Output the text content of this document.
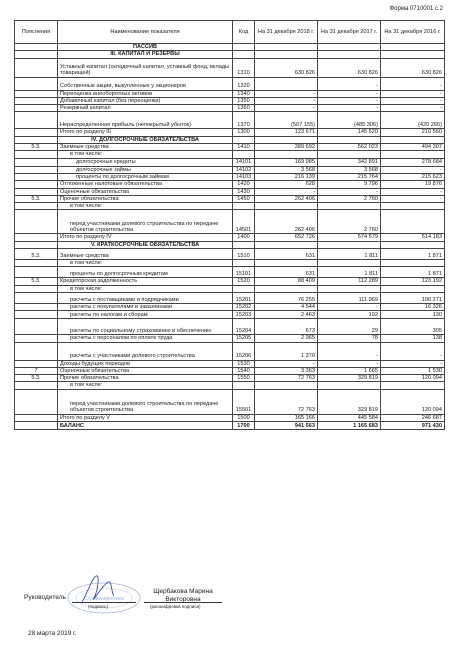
Форма 0710001 с.2
Пояснения	Наименование показателя	Код	На 31 декабря 2018 г.	На 31 декабря 2017 г.	На 31 декабря 2016 г.
	ПАССИВ				
	III. КАПИТАЛ И РЕЗЕРВЫ				
	Уставный капитал (складочный капитал, уставный фонд, вклады товарищей)	1310	630 826	630 826	630 826
	Собственные акции, выкупленные у акционеров	1320		-	-
	Переоценка внеоборотных активов	1340	-	-	-
	Добавочный капитал (без переоценки)	1350	-	-	-
	Резервный капитал	1360	-	-	-
	Нераспределенная прибыль (непокрытый убыток)	1370	(507 155)	(485 306)	(420 266)
	Итого по разделу III	1300	123 671	145 520	210 560
	IV. ДОЛГОСРОЧНЫЕ ОБЯЗАТЕЛЬСТВА				
5.3.	Заемные средства	1410	389 692	562 023	494 307
	в том числе:				
	долгосрочные кредиты	14101	169 985	342 891	278 684
	долгосрочные займы	14102	3 568	3 568	-
	проценты по долгосрочным займам	14103	216 139	215 764	215 623
	Отложенные налоговые обязательства	1420	628	9 796	19 876
	Оценочные обязательства	1430	-	-	-
5.3.	Прочие обязательства	1450	262 406	2 760	-
	в том числе:				
	перед участниками долевого строительства по передаче объектов строительства	14501	262 406	2 760	
	Итого по разделу IV	1400	652 726	574 579	514 183
	V. КРАТКОСРОЧНЫЕ ОБЯЗАТЕЛЬСТВА				
5.3.	Заемные средства	1510	631	1 811	1 871
	в том числе:				
	проценты по долгосрочным кредитам	15101	631	1 811	1 871
5.3.	Кредиторская задолженность	1520	88 409	112 289	123 192
	в том числе:				
	расчеты с поставщиками и подрядчиками	15201	76 255	111 969	106 271
	расчеты с покупателями и заказчиками	15202	4 544	-	16 326
	расчеты по налогам и сборам	15203	2 463	192	130
	расчеты по социальному страхованию и обеспечению	15204	673	29	305
	расчеты с персоналом по оплате труда	15205	2 965	78	138
	расчеты с участниками долевого строительства	15206	1 370	-	-
	Доходы будущих периодов	1530	-	-	-
7	Оценочные обязательства	1540	3 363	1 665	1 530
5.3.	Прочие обязательства	1550	72 763	329 819	120 094
	в том числе:				
	перед участниками долевого строительства по передаче объектов строительства	15501	72 763	329 819	120 094
	Итого по разделу V	1500	165 166	445 584	246 687
	БАЛАНС	1700	941 563	1 165 683	971 430
Стройэнергетика
Руководитель
(подпись)
Щербакова Марина Викторовна
(расшифровка подписи)
28 марта 2019 г.
